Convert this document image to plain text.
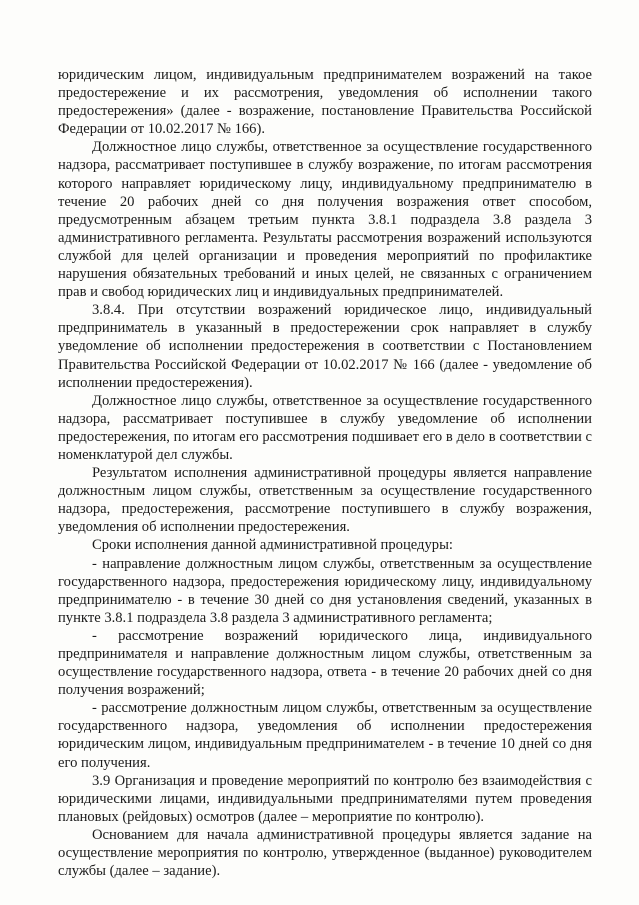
юридическим лицом, индивидуальным предпринимателем возражений на такое предостережение и их рассмотрения, уведомления об исполнении такого предостережения» (далее - возражение, постановление Правительства Российской Федерации от 10.02.2017 № 166).

Должностное лицо службы, ответственное за осуществление государственного надзора, рассматривает поступившее в службу возражение, по итогам рассмотрения которого направляет юридическому лицу, индивидуальному предпринимателю в течение 20 рабочих дней со дня получения возражения ответ способом, предусмотренным абзацем третьим пункта 3.8.1 подраздела 3.8 раздела 3 административного регламента. Результаты рассмотрения возражений используются службой для целей организации и проведения мероприятий по профилактике нарушения обязательных требований и иных целей, не связанных с ограничением прав и свобод юридических лиц и индивидуальных предпринимателей.

3.8.4. При отсутствии возражений юридическое лицо, индивидуальный предприниматель в указанный в предостережении срок направляет в службу уведомление об исполнении предостережения в соответствии с Постановлением Правительства Российской Федерации от 10.02.2017 № 166 (далее - уведомление об исполнении предостережения).

Должностное лицо службы, ответственное за осуществление государственного надзора, рассматривает поступившее в службу уведомление об исполнении предостережения, по итогам его рассмотрения подшивает его в дело в соответствии с номенклатурой дел службы.

Результатом исполнения административной процедуры является направление должностным лицом службы, ответственным за осуществление государственного надзора, предостережения, рассмотрение поступившего в службу возражения, уведомления об исполнении предостережения.

Сроки исполнения данной административной процедуры:

- направление должностным лицом службы, ответственным за осуществление государственного надзора, предостережения юридическому лицу, индивидуальному предпринимателю - в течение 30 дней со дня установления сведений, указанных в пункте 3.8.1 подраздела 3.8 раздела 3 административного регламента;

- рассмотрение возражений юридического лица, индивидуального предпринимателя и направление должностным лицом службы, ответственным за осуществление государственного надзора, ответа - в течение 20 рабочих дней со дня получения возражений;

- рассмотрение должностным лицом службы, ответственным за осуществление государственного надзора, уведомления об исполнении предостережения юридическим лицом, индивидуальным предпринимателем - в течение 10 дней со дня его получения.

3.9 Организация и проведение мероприятий по контролю без взаимодействия с юридическими лицами, индивидуальными предпринимателями путем проведения плановых (рейдовых) осмотров (далее – мероприятие по контролю).

Основанием для начала административной процедуры является задание на осуществление мероприятия по контролю, утвержденное (выданное) руководителем службы (далее – задание).
